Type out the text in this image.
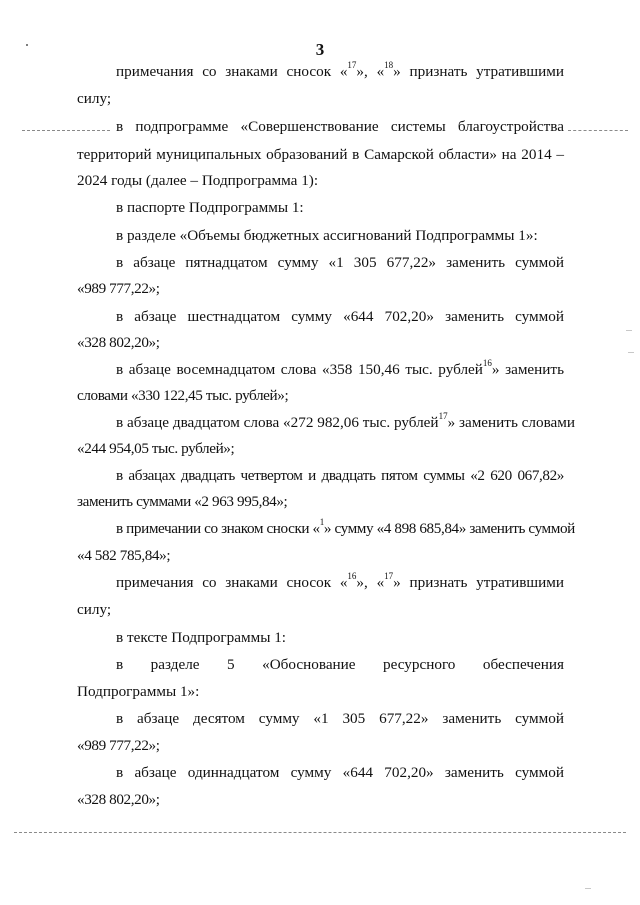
3
примечания со знаками сносок «$^{17}$», «$^{18}$» признать утратившими
силу;
в подпрограмме «Совершенствование системы благоустройства
территорий муниципальных образований в Самарской области» на 2014 –
2024 годы (далее – Подпрограмма 1):
в паспорте Подпрограммы 1:
в разделе «Объемы бюджетных ассигнований Подпрограммы 1»:
в абзаце пятнадцатом сумму «1 305 677,22» заменить суммой
«989 777,22»;
в абзаце шестнадцатом сумму «644 702,20» заменить суммой
«328 802,20»;
в абзаце восемнадцатом слова «358 150,46 тыс. рублей$^{16}$» заменить
словами «330 122,45 тыс. рублей»;
в абзаце двадцатом слова «272 982,06 тыс. рублей$^{17}$» заменить словами
«244 954,05 тыс. рублей»;
в абзацах двадцать четвертом и двадцать пятом суммы «2 620 067,82»
заменить суммами «2 963 995,84»;
в примечании со знаком сноски «$^1$» сумму «4 898 685,84» заменить суммой
«4 582 785,84»;
примечания со знаками сносок «$^{16}$», «$^{17}$» признать утратившими
силу;
в тексте Подпрограммы 1:
в разделе 5 «Обоснование ресурсного обеспечения
Подпрограммы 1»:
в абзаце десятом сумму «1 305 677,22» заменить суммой
«989 777,22»;
в абзаце одиннадцатом сумму «644 702,20» заменить суммой
«328 802,20»;
